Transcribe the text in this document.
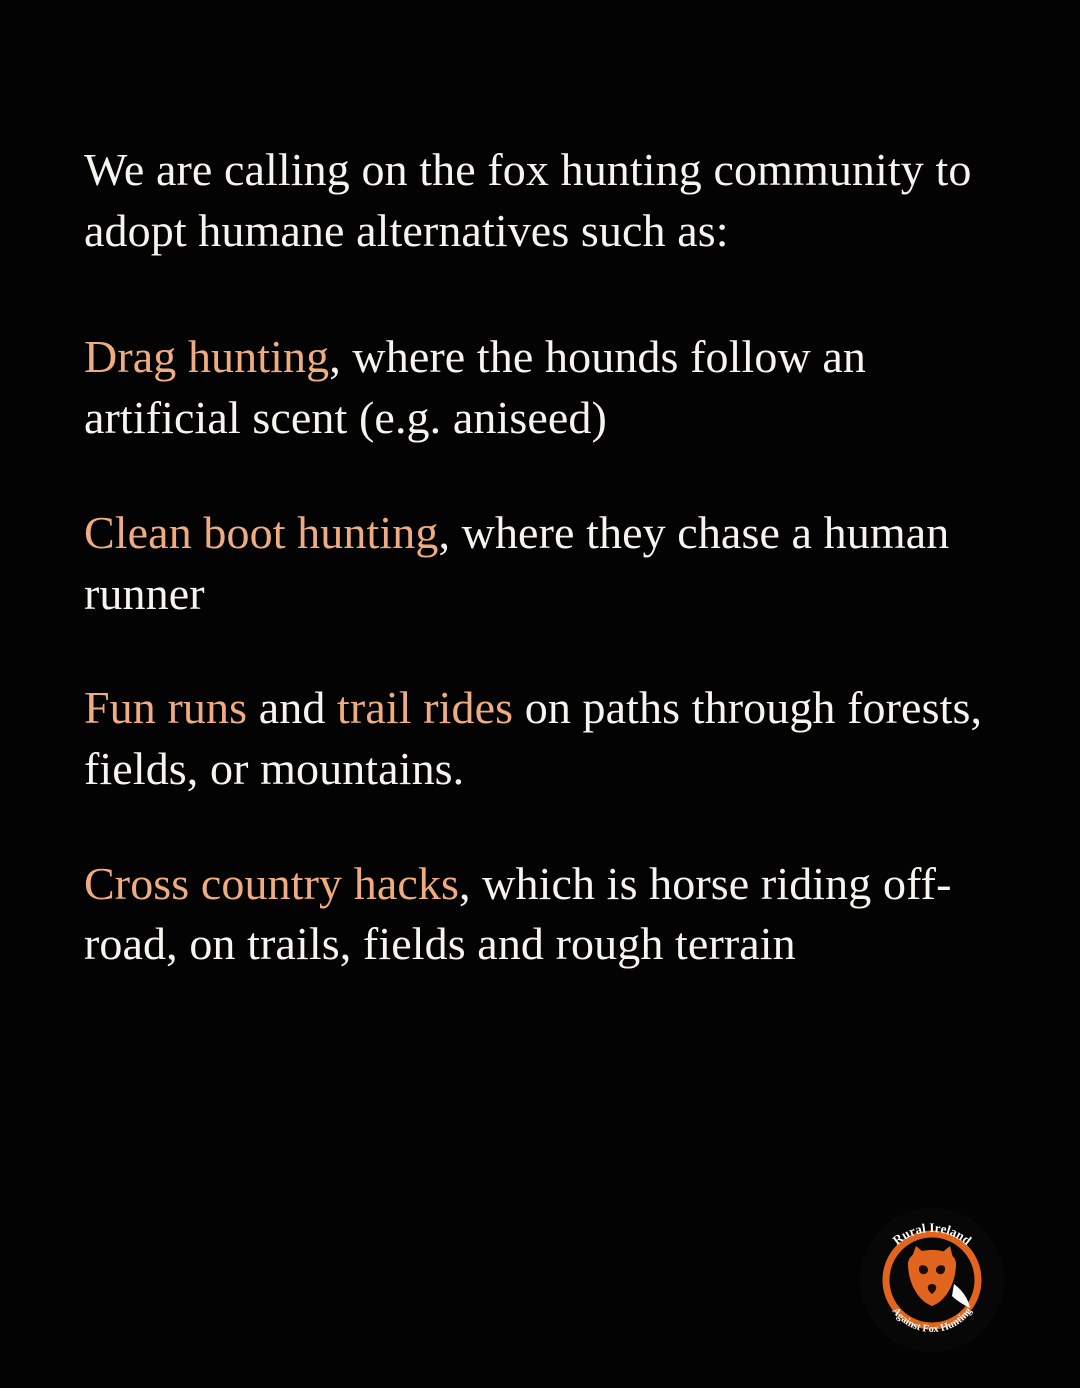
We are calling on the fox hunting community to adopt humane alternatives such as:

Drag hunting, where the hounds follow an artificial scent (e.g. aniseed)

Clean boot hunting, where they chase a human runner

Fun runs and trail rides on paths through forests, fields, or mountains.

Cross country hacks, which is horse riding off-road, on trails, fields and rough terrain

Rural Ireland
Against Fox Hunting
